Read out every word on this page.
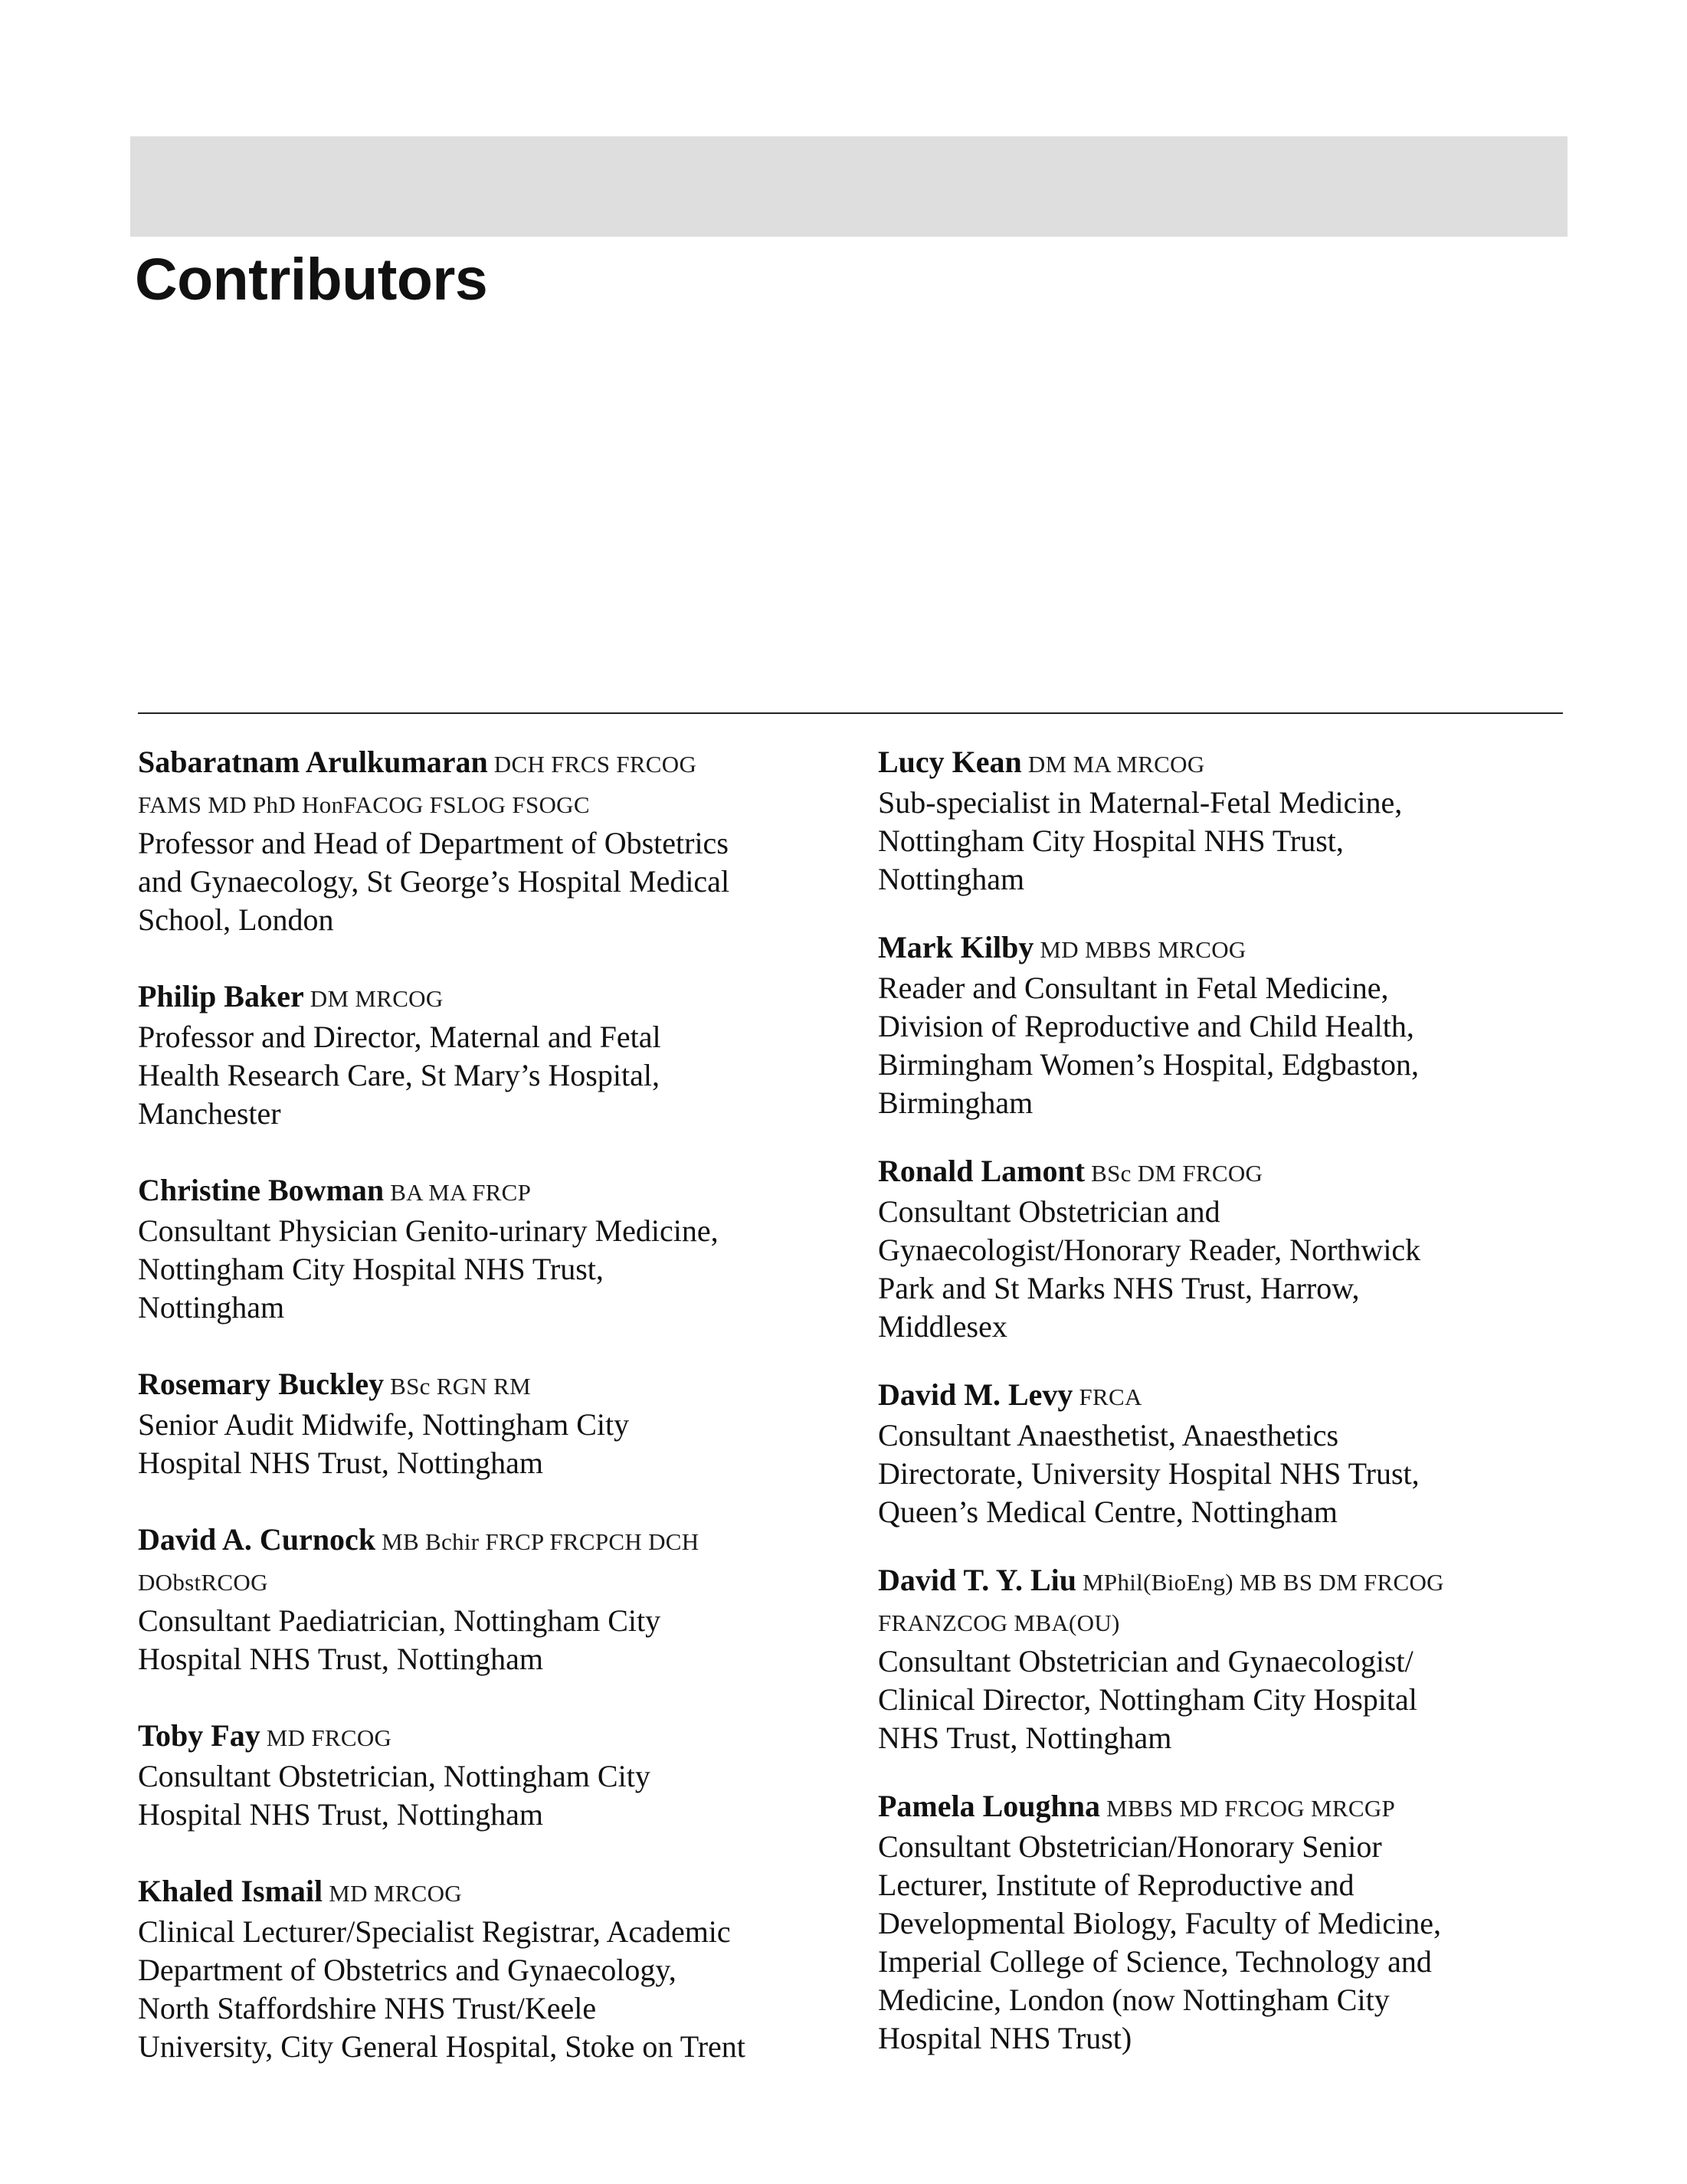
Contributors
Sabaratnam Arulkumaran DCH FRCS FRCOG
FAMS MD PhD HonFACOG FSLOG FSOGC

Professor and Head of Department of Obstetrics
and Gynaecology, St George’s Hospital Medical
School, London

Philip Baker DM MRCOG

Professor and Director, Maternal and Fetal
Health Research Care, St Mary’s Hospital,
Manchester

Christine Bowman BA MA FRCP

Consultant Physician Genito-urinary Medicine,
Nottingham City Hospital NHS Trust,
Nottingham

Rosemary Buckley BSc RGN RM

Senior Audit Midwife, Nottingham City
Hospital NHS Trust, Nottingham

David A. Curnock MB Bchir FRCP FRCPCH DCH
DObstRCOG

Consultant Paediatrician, Nottingham City
Hospital NHS Trust, Nottingham

Toby Fay MD FRCOG

Consultant Obstetrician, Nottingham City
Hospital NHS Trust, Nottingham

Khaled Ismail MD MRCOG

Clinical Lecturer/Specialist Registrar, Academic
Department of Obstetrics and Gynaecology,
North Staffordshire NHS Trust/Keele
University, City General Hospital, Stoke on Trent

Lucy Kean DM MA MRCOG

Sub-specialist in Maternal-Fetal Medicine,
Nottingham City Hospital NHS Trust,
Nottingham

Mark Kilby MD MBBS MRCOG

Reader and Consultant in Fetal Medicine,
Division of Reproductive and Child Health,
Birmingham Women’s Hospital, Edgbaston,
Birmingham

Ronald Lamont BSc DM FRCOG

Consultant Obstetrician and
Gynaecologist/Honorary Reader, Northwick
Park and St Marks NHS Trust, Harrow,
Middlesex

David M. Levy FRCA

Consultant Anaesthetist, Anaesthetics
Directorate, University Hospital NHS Trust,
Queen’s Medical Centre, Nottingham

David T. Y. Liu MPhil(BioEng) MB BS DM FRCOG
FRANZCOG MBA(OU)

Consultant Obstetrician and Gynaecologist/
Clinical Director, Nottingham City Hospital
NHS Trust, Nottingham

Pamela Loughna MBBS MD FRCOG MRCGP

Consultant Obstetrician/Honorary Senior
Lecturer, Institute of Reproductive and
Developmental Biology, Faculty of Medicine,
Imperial College of Science, Technology and
Medicine, London (now Nottingham City
Hospital NHS Trust)
